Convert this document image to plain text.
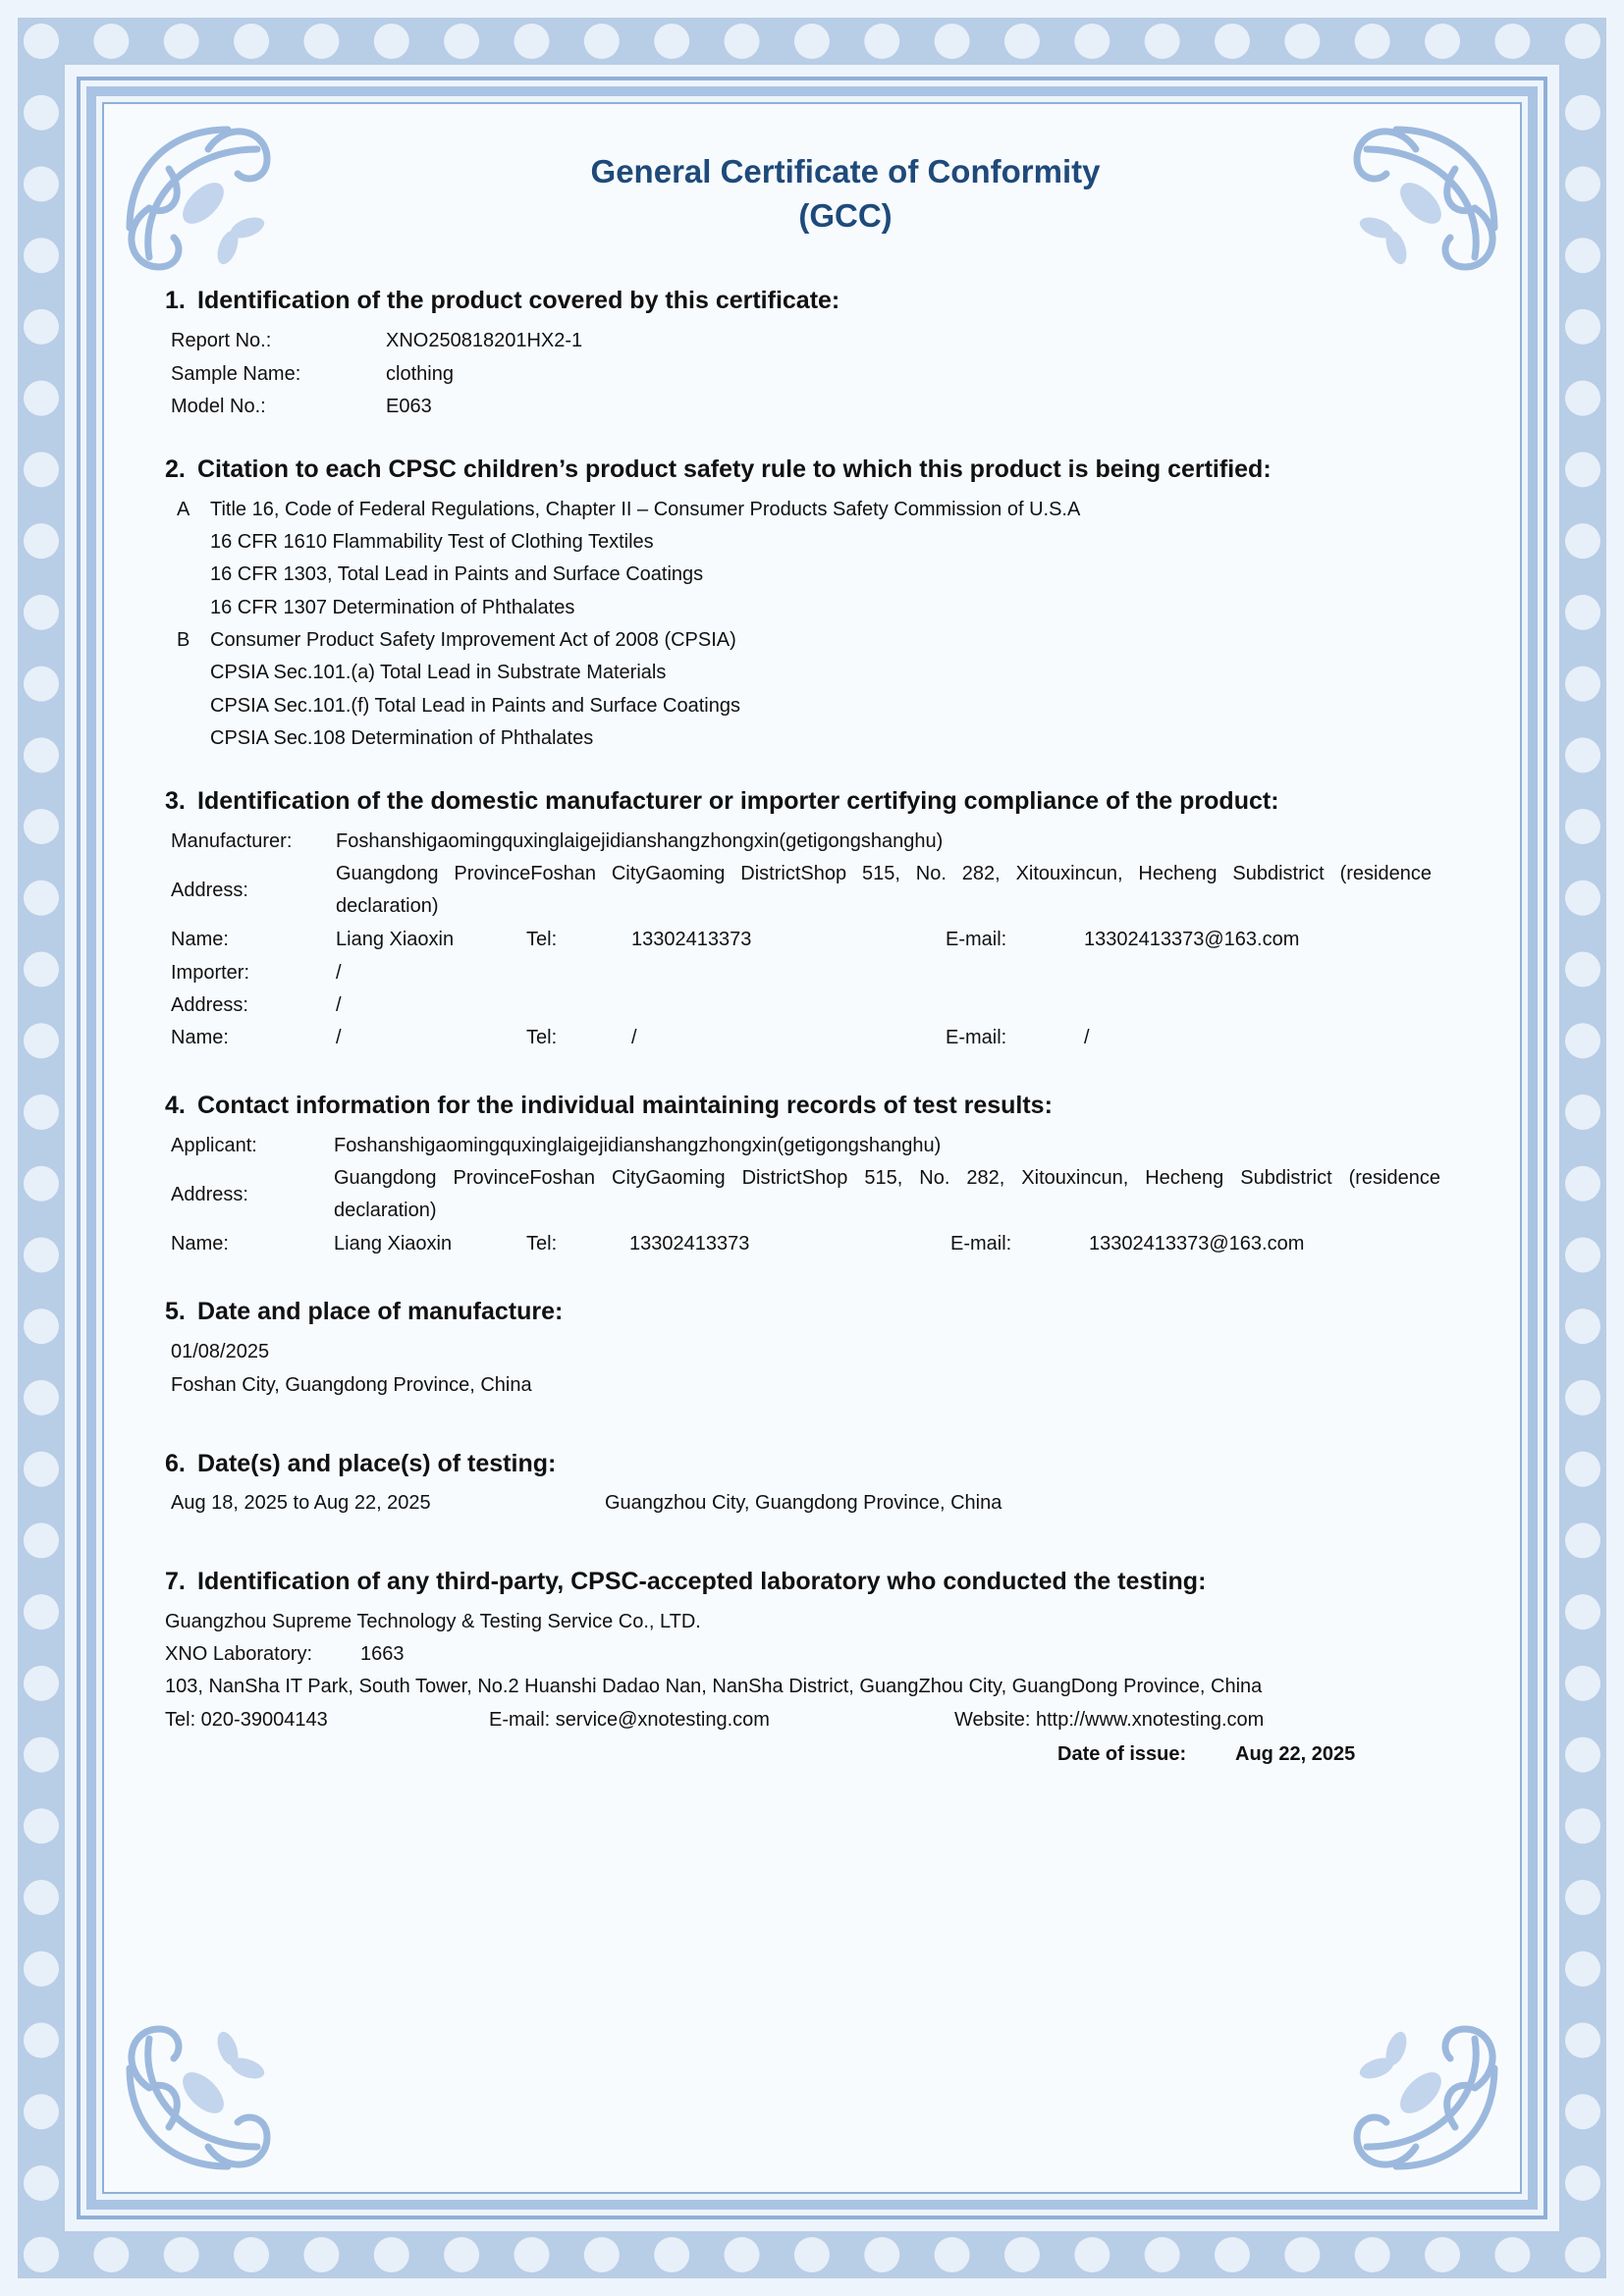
General Certificate of Conformity
(GCC)
1. Identification of the product covered by this certificate:
Report No.:	XNO250818201HX2-1
Sample Name:	clothing
Model No.:	E063
2. Citation to each CPSC children’s product safety rule to which this product is being certified:
A Title 16, Code of Federal Regulations, Chapter II – Consumer Products Safety Commission of U.S.A
16 CFR 1610 Flammability Test of Clothing Textiles
16 CFR 1303, Total Lead in Paints and Surface Coatings
16 CFR 1307 Determination of Phthalates
B Consumer Product Safety Improvement Act of 2008 (CPSIA)
CPSIA Sec.101.(a) Total Lead in Substrate Materials
CPSIA Sec.101.(f) Total Lead in Paints and Surface Coatings
CPSIA Sec.108 Determination of Phthalates
3. Identification of the domestic manufacturer or importer certifying compliance of the product:
Manufacturer: Foshanshigaomingquxinglaigejidianshangzhongxin(getigongshanghu)
Address:
Guangdong ProvinceFoshan CityGaoming DistrictShop 515, No. 282, Xitouxincun, Hecheng Subdistrict (residence
declaration)
Name:	Liang Xiaoxin	Tel:	13302413373	E-mail:	13302413373@163.com
Importer:	/
Address:	/
Name:	/	Tel:	/	E-mail:	/
4. Contact information for the individual maintaining records of test results:
Applicant:	Foshanshigaomingquxinglaigejidianshangzhongxin(getigongshanghu)
Address:
Guangdong ProvinceFoshan CityGaoming DistrictShop 515, No. 282, Xitouxincun, Hecheng Subdistrict (residence
declaration)
Name:	Liang Xiaoxin	Tel:	13302413373	E-mail:	13302413373@163.com
5. Date and place of manufacture:
01/08/2025
Foshan City, Guangdong Province, China
6. Date(s) and place(s) of testing:
Aug 18, 2025 to Aug 22, 2025	Guangzhou City, Guangdong Province, China
7. Identification of any third-party, CPSC-accepted laboratory who conducted the testing:
Guangzhou Supreme Technology & Testing Service Co., LTD.
XNO Laboratory: 1663
103, NanSha IT Park, South Tower, No.2 Huanshi Dadao Nan, NanSha District, GuangZhou City, GuangDong Province, China
Tel: 020-39004143	E-mail: service@xnotesting.com	Website: http://www.xnotesting.com
Date of issue: Aug 22, 2025
